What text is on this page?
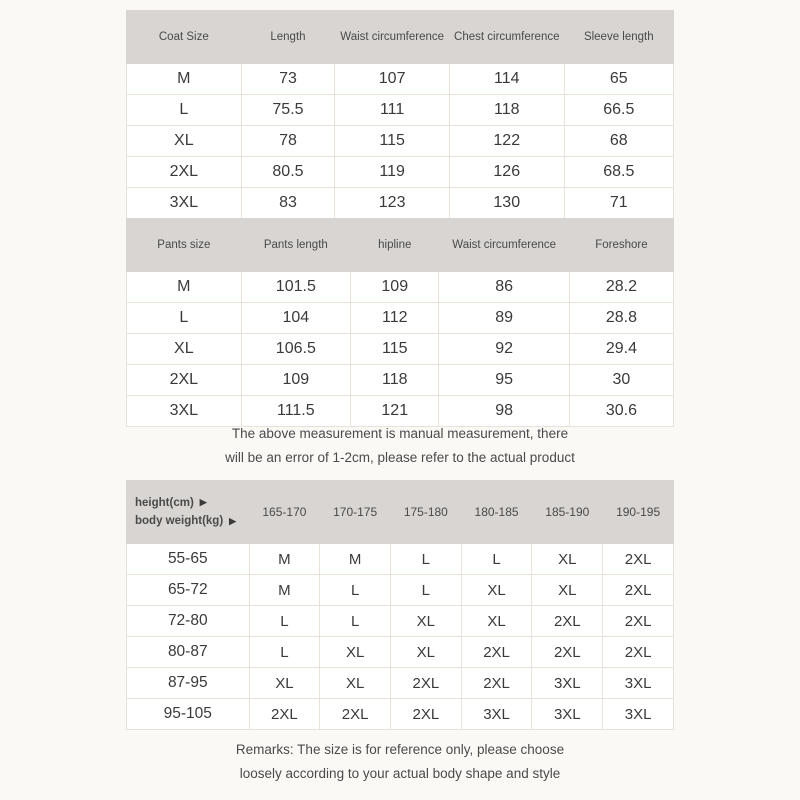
Coat Size	Length	Waist circumference	Chest circumference	Sleeve length
M	73	107	114	65
L	75.5	111	118	66.5
XL	78	115	122	68
2XL	80.5	119	126	68.5
3XL	83	123	130	71
Pants size	Pants length	hipline	Waist circumference	Foreshore
M	101.5	109	86	28.2
L	104	112	89	28.8
XL	106.5	115	92	29.4
2XL	109	118	95	30
3XL	111.5	121	98	30.6
The above measurement is manual measurement, there
will be an error of 1-2cm, please refer to the actual product
height(cm) ▶
body weight(kg) ▶	165-170	170-175	175-180	180-185	185-190	190-195
55-65	M	M	L	L	XL	2XL
65-72	M	L	L	XL	XL	2XL
72-80	L	L	XL	XL	2XL	2XL
80-87	L	XL	XL	2XL	2XL	2XL
87-95	XL	XL	2XL	2XL	3XL	3XL
95-105	2XL	2XL	2XL	3XL	3XL	3XL
Remarks: The size is for reference only, please choose
loosely according to your actual body shape and style
